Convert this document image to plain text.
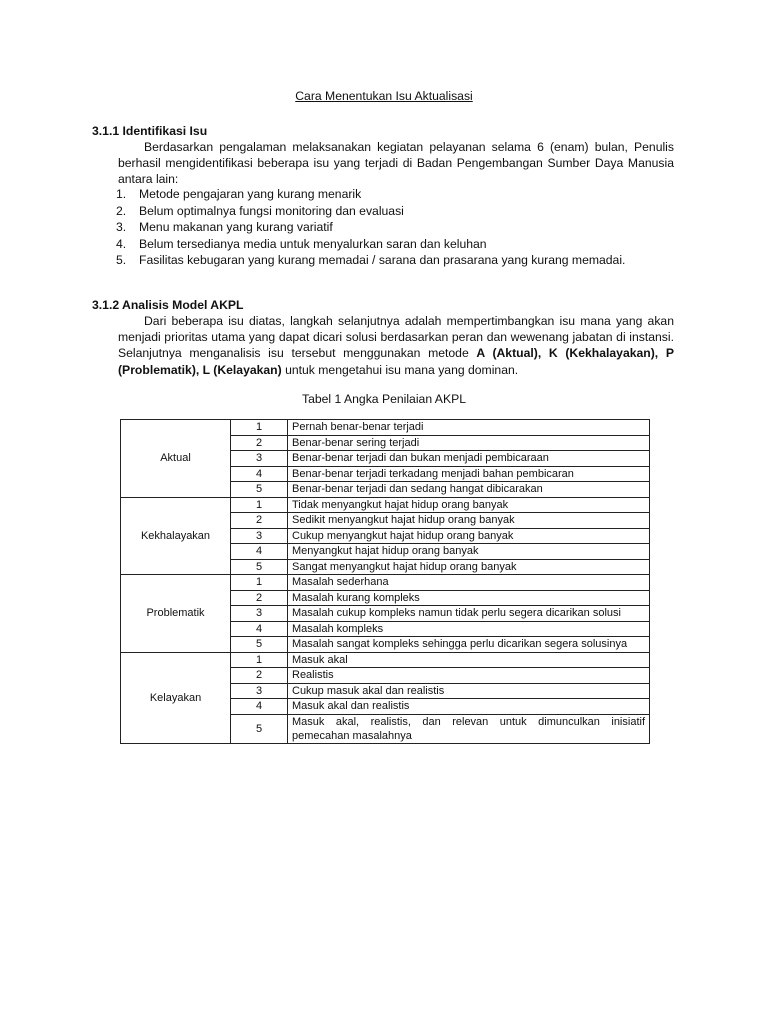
Cara Menentukan Isu Aktualisasi
3.1.1 Identifikasi Isu

Berdasarkan pengalaman melaksanakan kegiatan pelayanan selama 6 (enam) bulan, Penulis berhasil mengidentifikasi beberapa isu yang terjadi di Badan Pengembangan Sumber Daya Manusia antara lain:

1. Metode pengajaran yang kurang menarik
2. Belum optimalnya fungsi monitoring dan evaluasi
3. Menu makanan yang kurang variatif
4. Belum tersedianya media untuk menyalurkan saran dan keluhan
5. Fasilitas kebugaran yang kurang memadai / sarana dan prasarana yang kurang memadai.
3.1.2 Analisis Model AKPL

Dari beberapa isu diatas, langkah selanjutnya adalah mempertimbangkan isu mana yang akan menjadi prioritas utama yang dapat dicari solusi berdasarkan peran dan wewenang jabatan di instansi. Selanjutnya menganalisis isu tersebut menggunakan metode A (Aktual), K (Kekhalayakan), P (Problematik), L (Kelayakan) untuk mengetahui isu mana yang dominan.

Tabel 1 Angka Penilaian AKPL
Aktual	1	Pernah benar-benar terjadi
	2	Benar-benar sering terjadi
	3	Benar-benar terjadi dan bukan menjadi pembicaraan
	4	Benar-benar terjadi terkadang menjadi bahan pembicaran
	5	Benar-benar terjadi dan sedang hangat dibicarakan
Kekhalayakan	1	Tidak menyangkut hajat hidup orang banyak
	2	Sedikit menyangkut hajat hidup orang banyak
	3	Cukup menyangkut hajat hidup orang banyak
	4	Menyangkut hajat hidup orang banyak
	5	Sangat menyangkut hajat hidup orang banyak
Problematik	1	Masalah sederhana
	2	Masalah kurang kompleks
	3	Masalah cukup kompleks namun tidak perlu segera dicarikan solusi
	4	Masalah kompleks
	5	Masalah sangat kompleks sehingga perlu dicarikan segera solusinya
Kelayakan	1	Masuk akal
	2	Realistis
	3	Cukup masuk akal dan realistis
	4	Masuk akal dan realistis
	5	Masuk akal, realistis, dan relevan untuk dimunculkan inisiatif pemecahan masalahnya
